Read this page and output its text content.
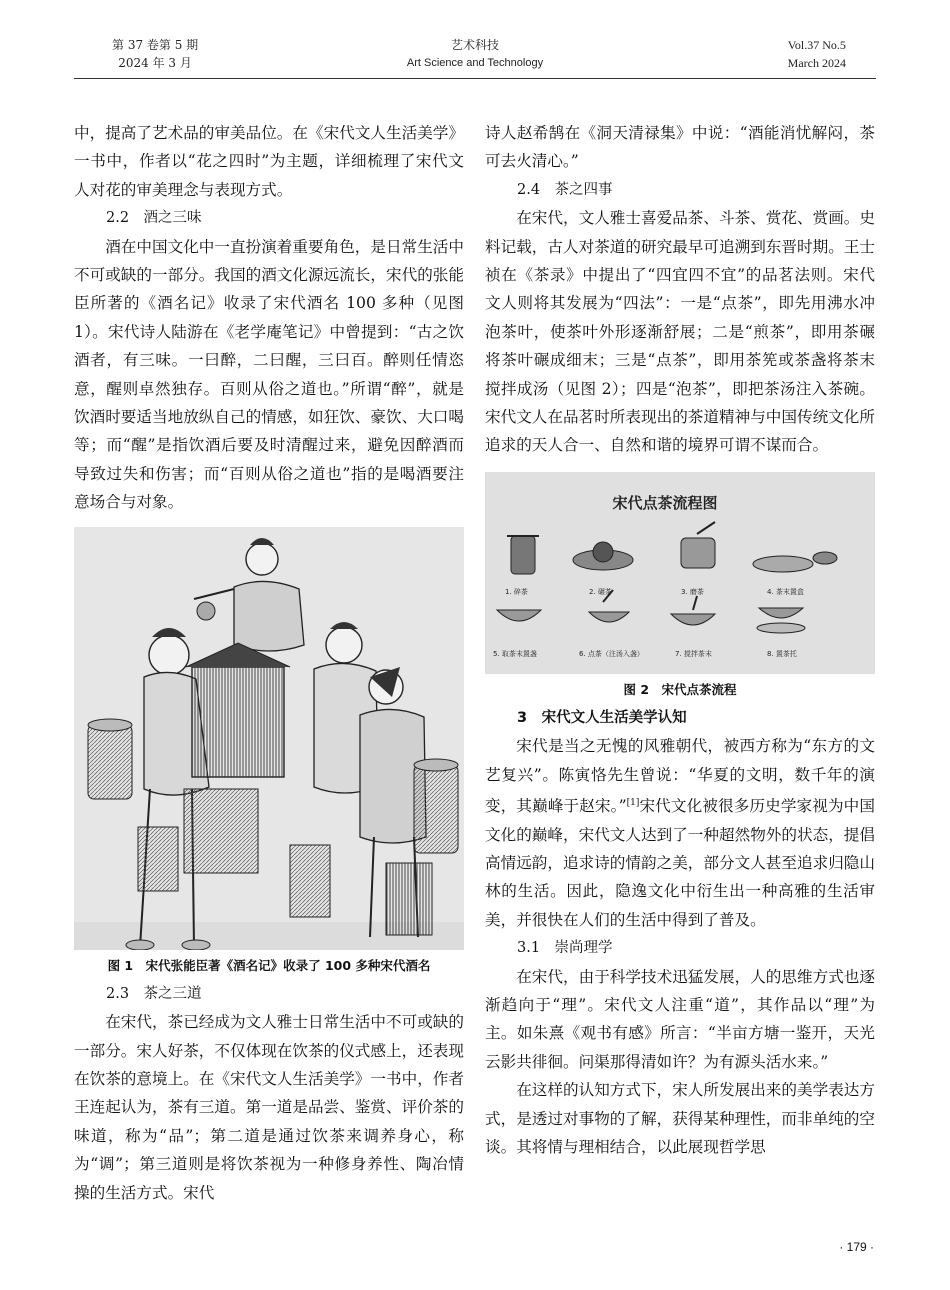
第 37 卷第 5 期
2024 年 3 月
艺术科技
Art Science and Technology
Vol.37 No.5
March 2024

中，提高了艺术品的审美品位。在《宋代文人生活美学》一书中，作者以“花之四时”为主题，详细梳理了宋代文人对花的审美理念与表现方式。

2.2　酒之三味

酒在中国文化中一直扮演着重要角色，是日常生活中不可或缺的一部分。我国的酒文化源远流长，宋代的张能臣所著的《酒名记》收录了宋代酒名 100 多种（见图 1）。宋代诗人陆游在《老学庵笔记》中曾提到：“古之饮酒者，有三味。一曰醉，二曰醒，三曰百。醉则任情恣意，醒则卓然独存。百则从俗之道也。”所谓“醉”，就是饮酒时要适当地放纵自己的情感，如狂饮、豪饮、大口喝等；而“醒”是指饮酒后要及时清醒过来，避免因醉酒而导致过失和伤害；而“百则从俗之道也”指的是喝酒要注意场合与对象。

图 1　宋代张能臣著《酒名记》收录了 100 多种宋代酒名

2.3　茶之三道

在宋代，茶已经成为文人雅士日常生活中不可或缺的一部分。宋人好茶，不仅体现在饮茶的仪式感上，还表现在饮茶的意境上。在《宋代文人生活美学》一书中，作者王连起认为，茶有三道。第一道是品尝、鉴赏、评价茶的味道，称为“品”；第二道是通过饮茶来调养身心，称为“调”；第三道则是将饮茶视为一种修身养性、陶冶情操的生活方式。宋代

诗人赵希鹄在《洞天清禄集》中说：“酒能消忧解闷，茶可去火清心。”

2.4　茶之四事

在宋代，文人雅士喜爱品茶、斗茶、赏花、赏画。史料记载，古人对茶道的研究最早可追溯到东晋时期。王士祯在《茶录》中提出了“四宜四不宜”的品茗法则。宋代文人则将其发展为“四法”：一是“点茶”，即先用沸水冲泡茶叶，使茶叶外形逐渐舒展；二是“煎茶”，即用茶碾将茶叶碾成细末；三是“点茶”，即用茶筅或茶盏将茶末搅拌成汤（见图 2）；四是“泡茶”，即把茶汤注入茶碗。宋代文人在品茗时所表现出的茶道精神与中国传统文化所追求的天人合一、自然和谐的境界可谓不谋而合。

宋代点茶流程图
1. 碎茶	2. 碾茶	3. 磨茶	4. 茶末置盒
5. 取茶末置盏	6. 点茶（注汤入盏）	7. 搅拌茶末	8. 置茶托
图 2　宋代点茶流程

3　宋代文人生活美学认知

宋代是当之无愧的风雅朝代，被西方称为“东方的文艺复兴”。陈寅恪先生曾说：“华夏的文明，数千年的演变，其巅峰于赵宋。”[1]宋代文化被很多历史学家视为中国文化的巅峰，宋代文人达到了一种超然物外的状态，提倡高情远韵，追求诗的情韵之美，部分文人甚至追求归隐山林的生活。因此，隐逸文化中衍生出一种高雅的生活审美，并很快在人们的生活中得到了普及。

3.1　崇尚理学

在宋代，由于科学技术迅猛发展，人的思维方式也逐渐趋向于“理”。宋代文人注重“道”，其作品以“理”为主。如朱熹《观书有感》所言：“半亩方塘一鉴开，天光云影共徘徊。问渠那得清如许？为有源头活水来。”

在这样的认知方式下，宋人所发展出来的美学表达方式，是透过对事物的了解，获得某种理性，而非单纯的空谈。其将情与理相结合，以此展现哲学思

· 179 ·
